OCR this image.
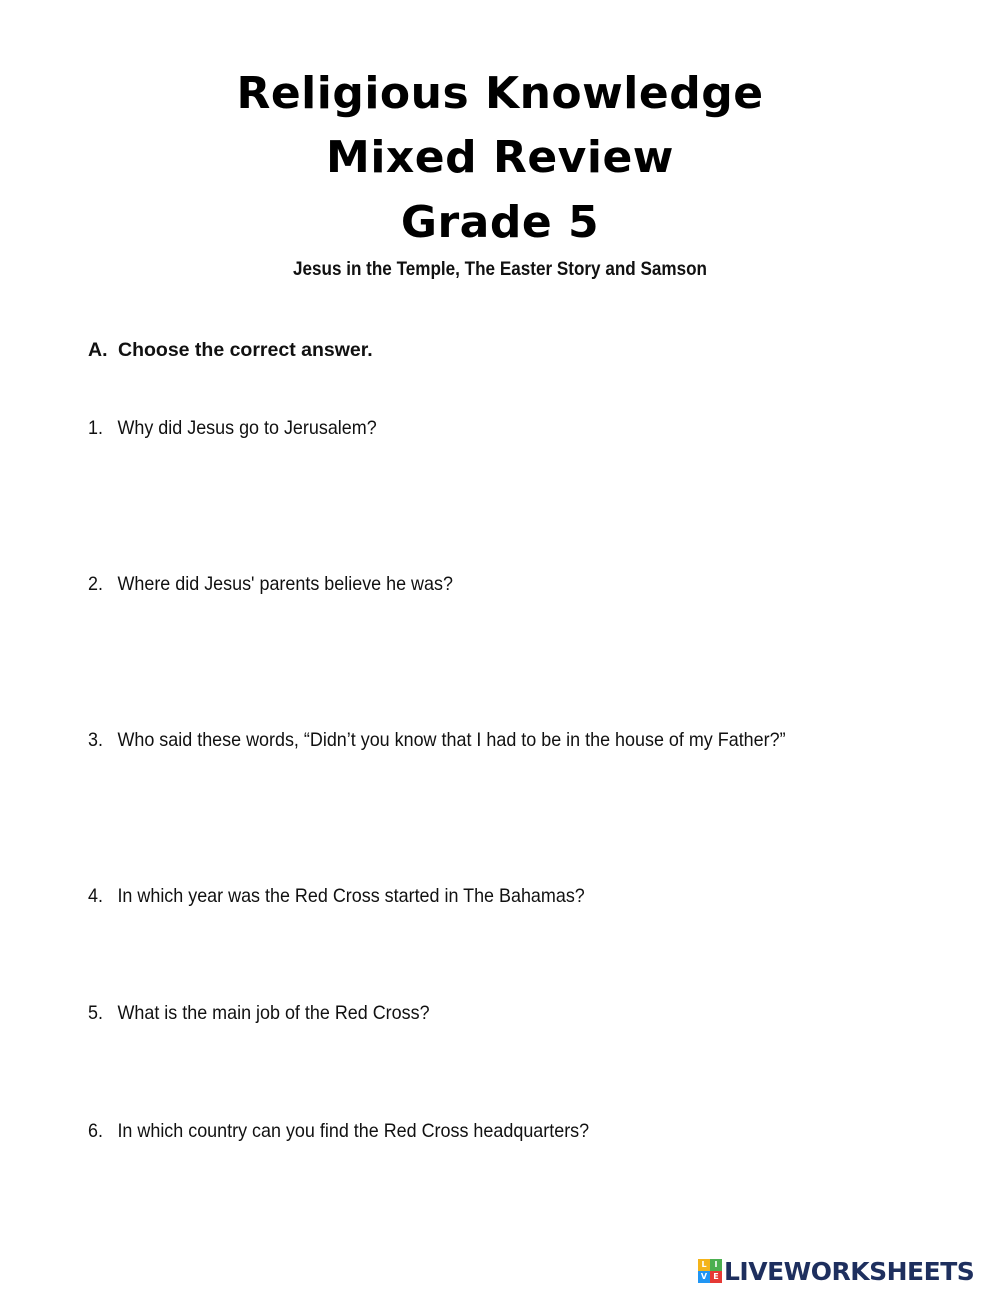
Religious Knowledge
Mixed Review
Grade 5
Jesus in the Temple, The Easter Story and Samson
A. Choose the correct answer.
1. Why did Jesus go to Jerusalem?
2. Where did Jesus' parents believe he was?
3. Who said these words, “Didn’t you know that I had to be in the house of my Father?”
4. In which year was the Red Cross started in The Bahamas?
5. What is the main job of the Red Cross?
6. In which country can you find the Red Cross headquarters?
L I
V E LIVEWORKSHEETS
